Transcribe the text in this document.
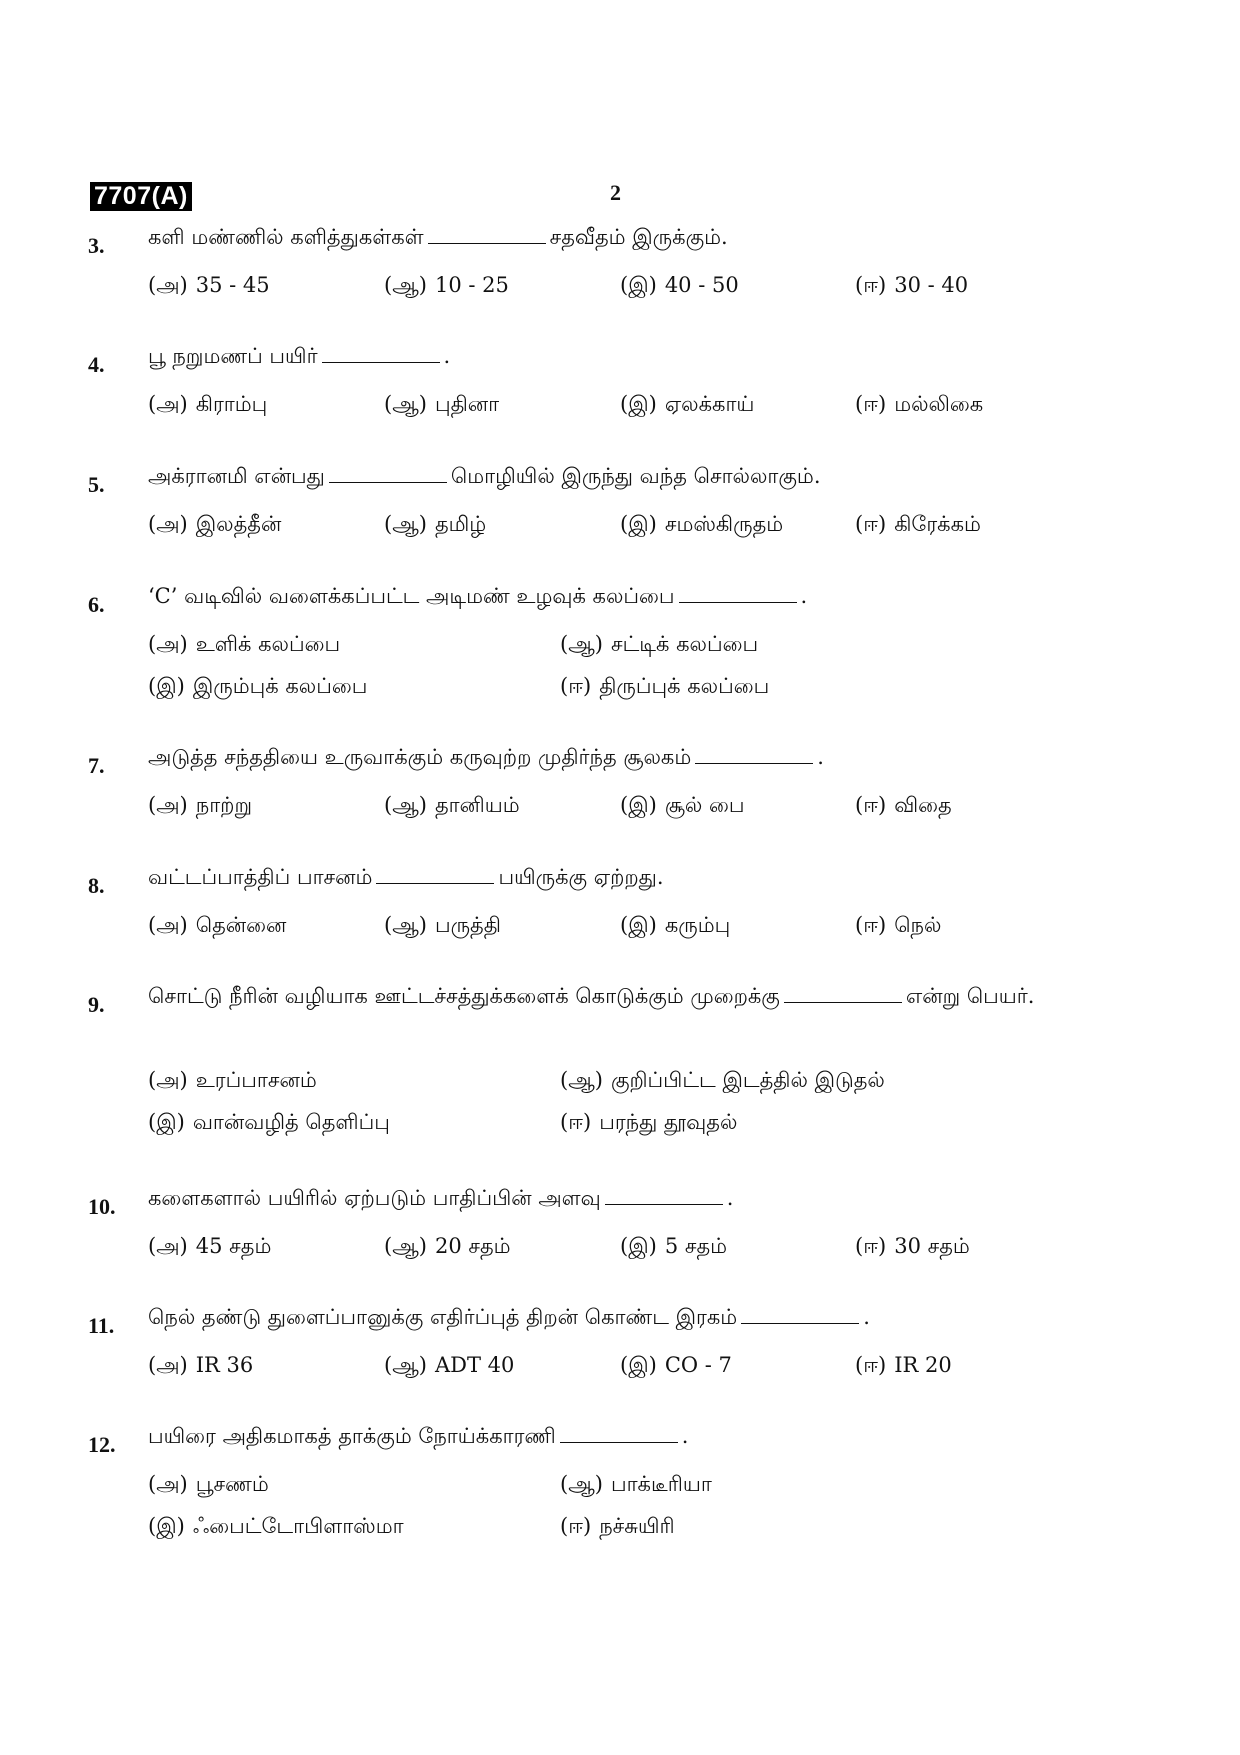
7707(A)	2
3. களி மண்ணில் களித்துகள்கள்	சதவீதம் இருக்கும்.
(அ) 35 - 45	(ஆ) 10 - 25	(இ) 40 - 50	(ஈ) 30 - 40
4. பூ நறுமணப் பயிர்	.
(அ) கிராம்பு	(ஆ) புதினா	(இ) ஏலக்காய்	(ஈ) மல்லிகை
5. அக்ரானமி என்பது	மொழியில் இருந்து வந்த சொல்லாகும்.
(அ) இலத்தீன்	(ஆ) தமிழ்	(இ) சமஸ்கிருதம்	(ஈ) கிரேக்கம்
6. ‘C’ வடிவில் வளைக்கப்பட்ட அடிமண் உழவுக் கலப்பை	.
(அ) உளிக் கலப்பை	(ஆ) சட்டிக் கலப்பை
(இ) இரும்புக் கலப்பை	(ஈ) திருப்புக் கலப்பை
7. அடுத்த சந்ததியை உருவாக்கும் கருவுற்ற முதிர்ந்த சூலகம்	.
(அ) நாற்று	(ஆ) தானியம்	(இ) சூல் பை	(ஈ) விதை
8. வட்டப்பாத்திப் பாசனம்	பயிருக்கு ஏற்றது.
(அ) தென்னை	(ஆ) பருத்தி	(இ) கரும்பு	(ஈ) நெல்
9. சொட்டு நீரின் வழியாக ஊட்டச்சத்துக்களைக் கொடுக்கும் முறைக்கு	என்று பெயர்.
(அ) உரப்பாசனம்	(ஆ) குறிப்பிட்ட இடத்தில் இடுதல்
(இ) வான்வழித் தெளிப்பு	(ஈ) பரந்து தூவுதல்
10. களைகளால் பயிரில் ஏற்படும் பாதிப்பின் அளவு	.
(அ) 45 சதம்	(ஆ) 20 சதம்	(இ) 5 சதம்	(ஈ) 30 சதம்
11. நெல் தண்டு துளைப்பானுக்கு எதிர்ப்புத் திறன் கொண்ட இரகம்	.
(அ) IR 36	(ஆ) ADT 40	(இ) CO - 7	(ஈ) IR 20
12. பயிரை அதிகமாகத் தாக்கும் நோய்க்காரணி	.
(அ) பூசணம்	(ஆ) பாக்டீரியா
(இ) ஃபைட்டோபிளாஸ்மா	(ஈ) நச்சுயிரி
